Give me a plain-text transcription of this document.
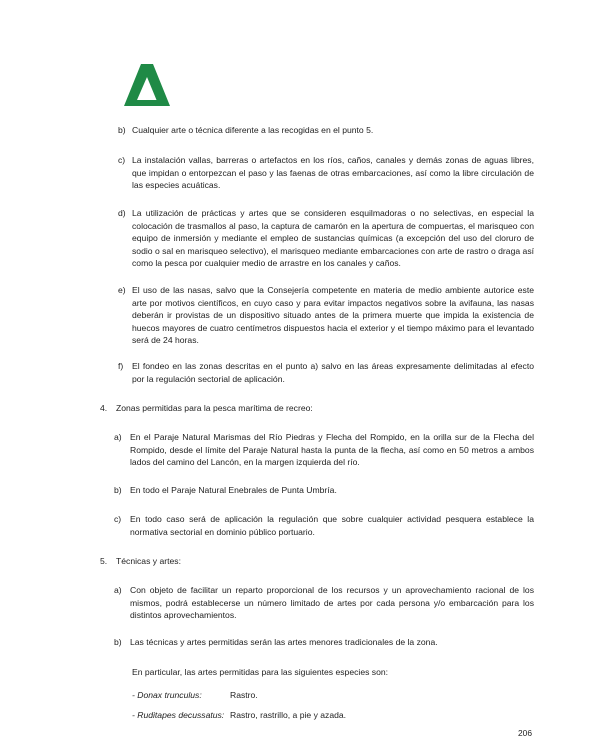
b) Cualquier arte o técnica diferente a las recogidas en el punto 5.
c) La instalación vallas, barreras o artefactos en los ríos, caños, canales y demás zonas de aguas libres, que impidan o entorpezcan el paso y las faenas de otras embarcaciones, así como la libre circulación de las especies acuáticas.
d) La utilización de prácticas y artes que se consideren esquilmadoras o no selectivas, en especial la colocación de trasmallos al paso, la captura de camarón en la apertura de compuertas, el marisqueo con equipo de inmersión y mediante el empleo de sustancias químicas (a excepción del uso del cloruro de sodio o sal en marisqueo selectivo), el marisqueo mediante embarcaciones con arte de rastro o draga así como la pesca por cualquier medio de arrastre en los canales y caños.
e) El uso de las nasas, salvo que la Consejería competente en materia de medio ambiente autorice este arte por motivos científicos, en cuyo caso y para evitar impactos negativos sobre la avifauna, las nasas deberán ir provistas de un dispositivo situado antes de la primera muerte que impida la existencia de huecos mayores de cuatro centímetros dispuestos hacia el exterior y el tiempo máximo para el levantado será de 24 horas.
f) El fondeo en las zonas descritas en el punto a) salvo en las áreas expresamente delimitadas al efecto por la regulación sectorial de aplicación.
4. Zonas permitidas para la pesca marítima de recreo:
a) En el Paraje Natural Marismas del Río Piedras y Flecha del Rompido, en la orilla sur de la Flecha del Rompido, desde el límite del Paraje Natural hasta la punta de la flecha, así como en 50 metros a ambos lados del camino del Lancón, en la margen izquierda del río.
b) En todo el Paraje Natural Enebrales de Punta Umbría.
c) En todo caso será de aplicación la regulación que sobre cualquier actividad pesquera establece la normativa sectorial en dominio público portuario.
5. Técnicas y artes:
a) Con objeto de facilitar un reparto proporcional de los recursos y un aprovechamiento racional de los mismos, podrá establecerse un número limitado de artes por cada persona y/o embarcación para los distintos aprovechamientos.
b) Las técnicas y artes permitidas serán las artes menores tradicionales de la zona.
En particular, las artes permitidas para las siguientes especies son:
- Donax trunculus:	Rastro.
- Ruditapes decussatus: Rastro, rastrillo, a pie y azada.
206
